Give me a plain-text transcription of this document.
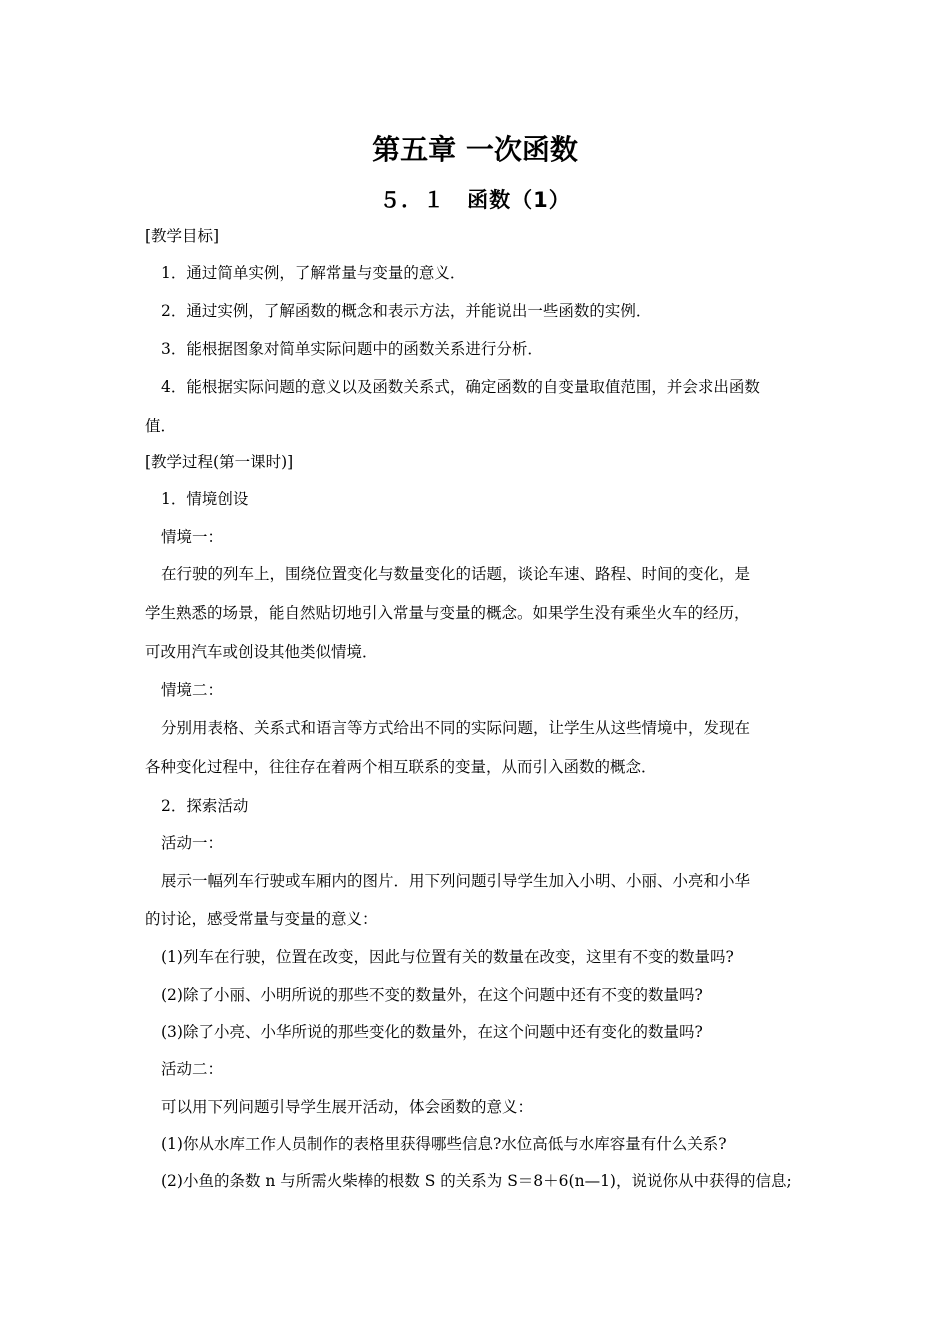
第五章 一次函数
５．１　函数（1）
[教学目标]
1．通过简单实例，了解常量与变量的意义．
2．通过实例，了解函数的概念和表示方法，并能说出一些函数的实例．
3．能根据图象对简单实际问题中的函数关系进行分析．
4．能根据实际问题的意义以及函数关系式，确定函数的自变量取值范围，并会求出函数
值．
[教学过程(第一课时)]
1．情境创设
情境一：
在行驶的列车上，围绕位置变化与数量变化的话题，谈论车速、路程、时间的变化，是
学生熟悉的场景，能自然贴切地引入常量与变量的概念。如果学生没有乘坐火车的经历，
可改用汽车或创设其他类似情境．
情境二：
分别用表格、关系式和语言等方式给出不同的实际问题，让学生从这些情境中，发现在
各种变化过程中，往往存在着两个相互联系的变量，从而引入函数的概念．
2．探索活动
活动一：
展示一幅列车行驶或车厢内的图片．用下列问题引导学生加入小明、小丽、小亮和小华
的讨论，感受常量与变量的意义：
(1)列车在行驶，位置在改变，因此与位置有关的数量在改变，这里有不变的数量吗?
(2)除了小丽、小明所说的那些不变的数量外，在这个问题中还有不变的数量吗?
(3)除了小亮、小华所说的那些变化的数量外，在这个问题中还有变化的数量吗?
活动二：
可以用下列问题引导学生展开活动，体会函数的意义：
(1)你从水库工作人员制作的表格里获得哪些信息?水位高低与水库容量有什么关系?
(2)小鱼的条数 n 与所需火柴棒的根数 S 的关系为 S＝8＋6(n—1)，说说你从中获得的信息;
